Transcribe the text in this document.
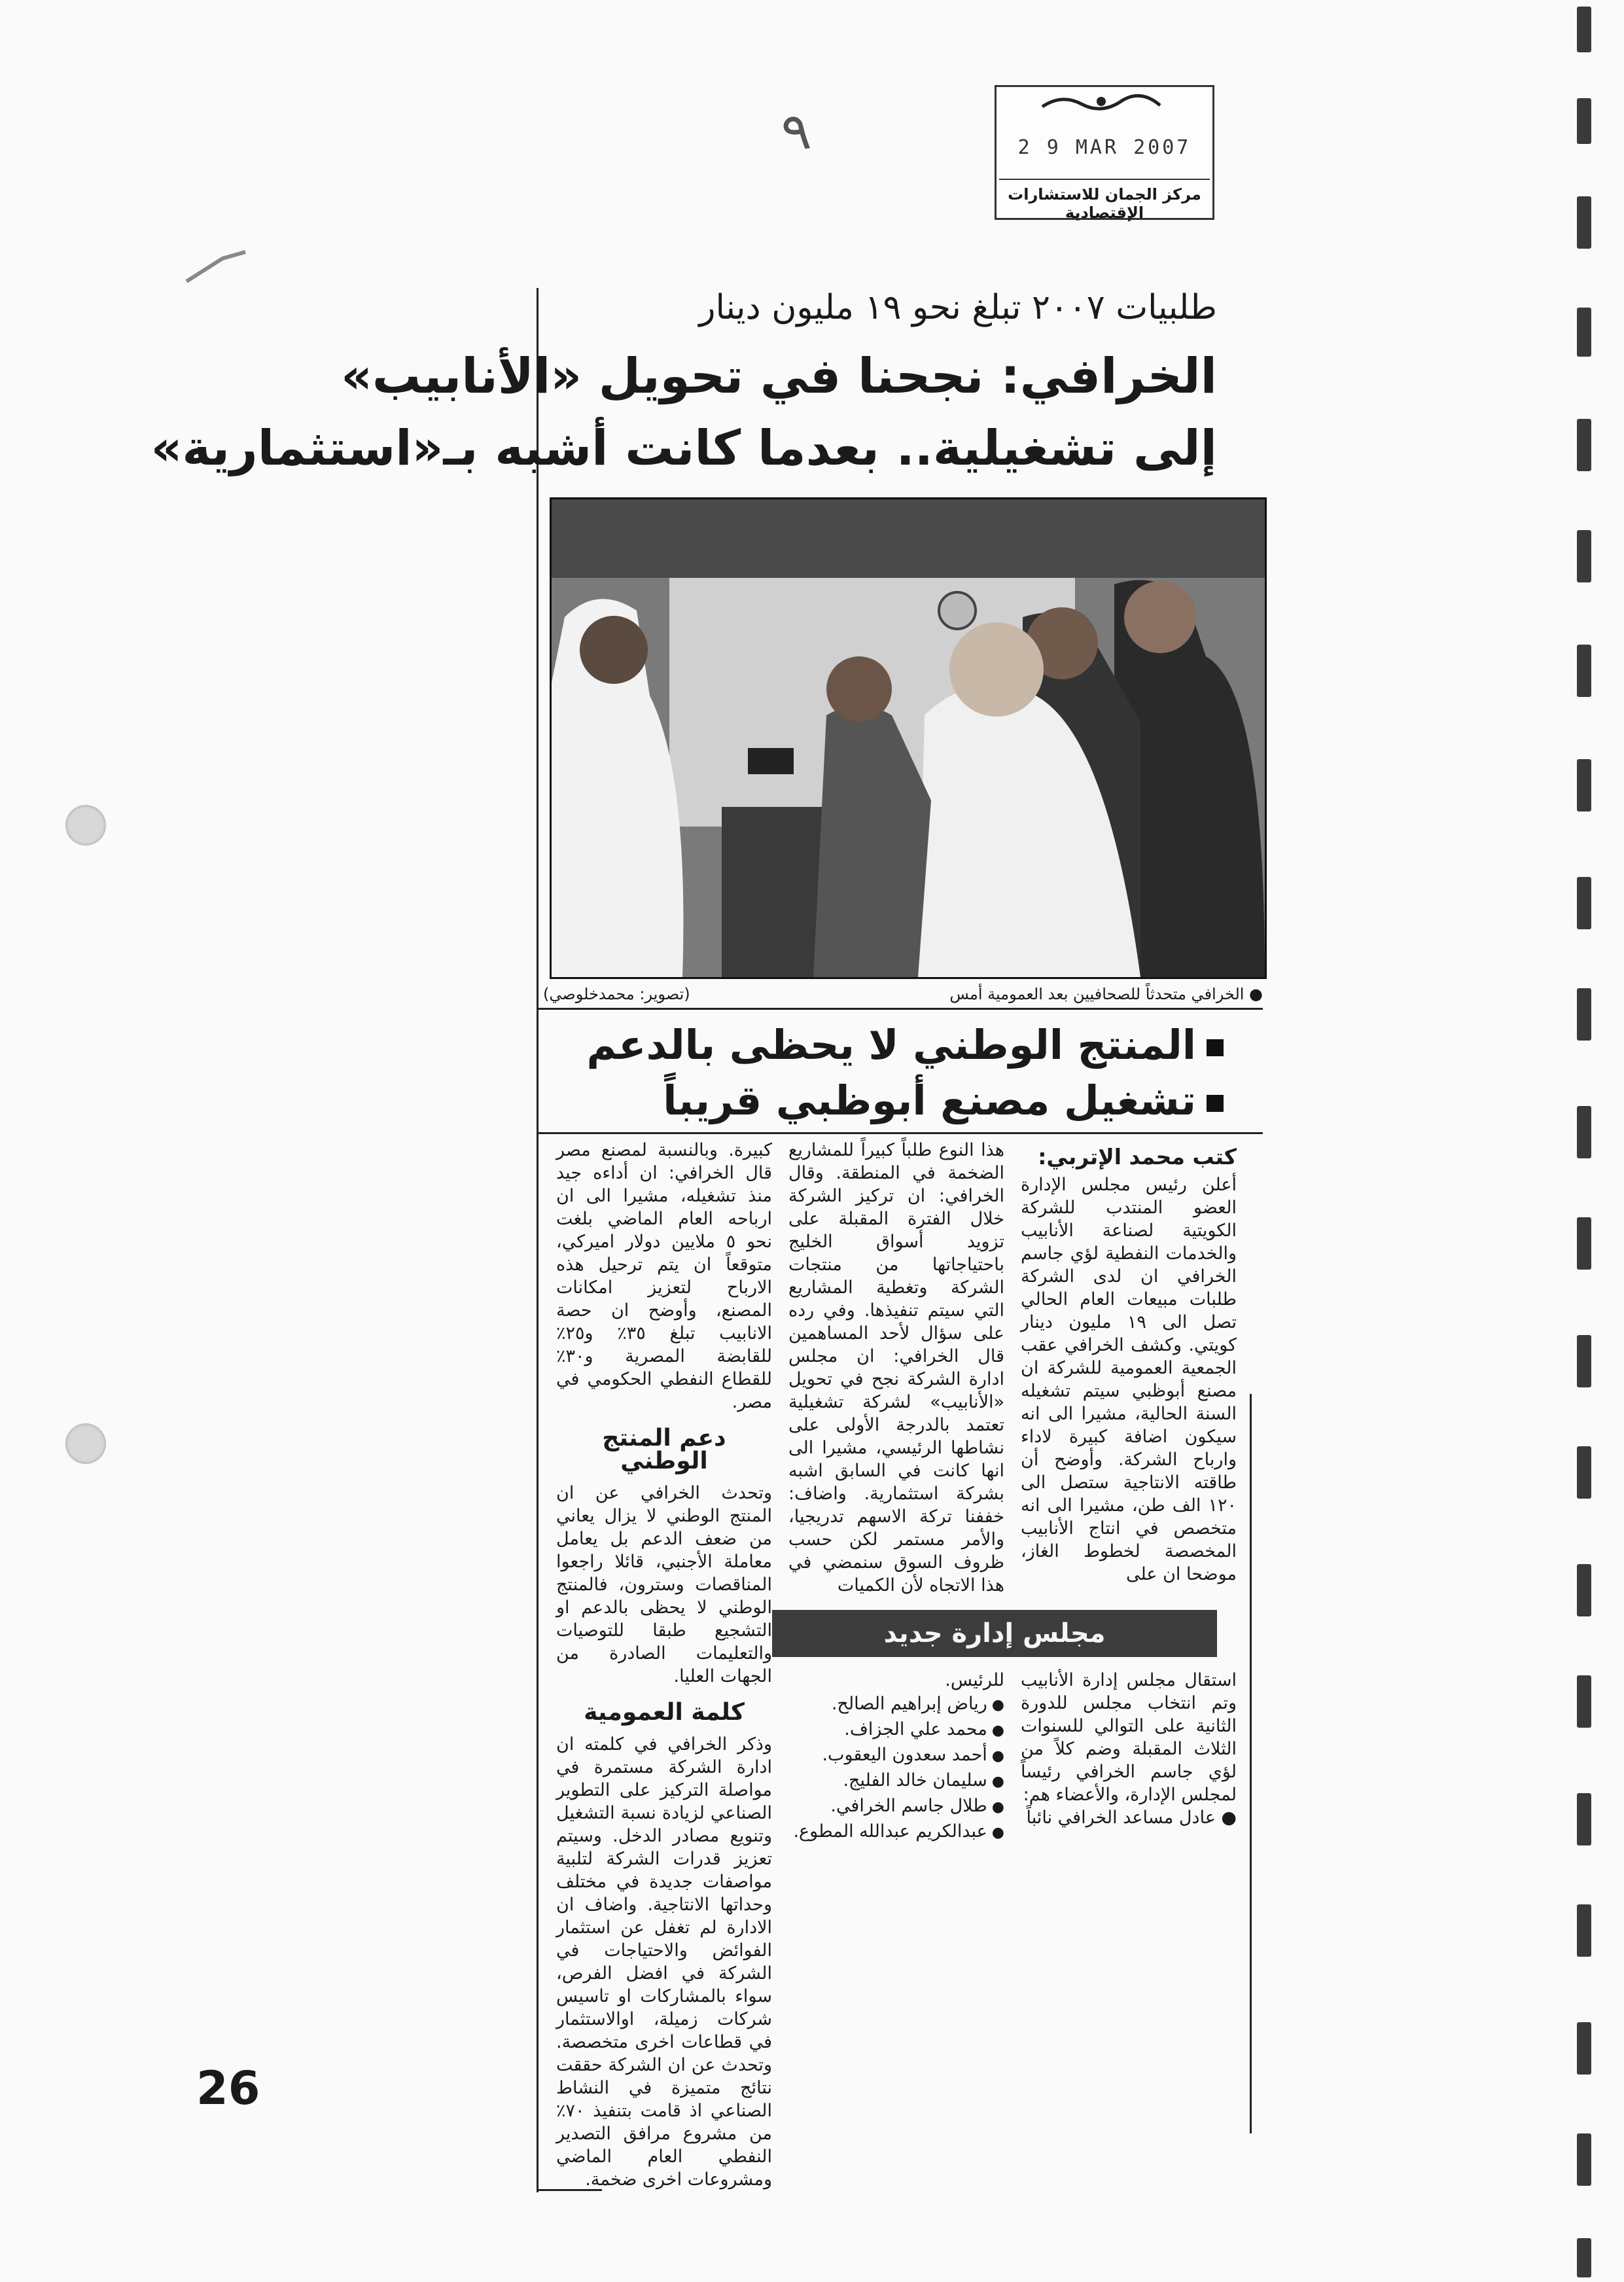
2 9 MAR 2007
مركز الجمان للاستشارات الإقتصادية
٩
طلبيات ٢٠٠٧ تبلغ نحو ١٩ مليون دينار
الخرافي: نجحنا في تحويل «الأنابيب»
إلى تشغيلية.. بعدما كانت أشبه بـ«استثمارية»
● الخرافي متحدثاً للصحافيين بعد العمومية أمس
(تصوير: محمدخلوصي)
المنتج الوطني لا يحظى بالدعم
تشغيل مصنع أبوظبي قريباً
كتب محمد الإتربي:
أعلن رئيس مجلس الإدارة العضو المنتدب للشركة الكويتية لصناعة الأنابيب والخدمات النفطية لؤي جاسم الخرافي ان لدى الشركة طلبات مبيعات العام الحالي تصل الى ١٩ مليون دينار كويتي. وكشف الخرافي عقب الجمعية العمومية للشركة ان مصنع أبوظبي سيتم تشغيله السنة الحالية، مشيرا الى انه سيكون اضافة كبيرة لاداء وارباح الشركة. وأوضح أن طاقته الانتاجية ستصل الى ١٢٠ الف طن، مشيرا الى انه متخصص في انتاج الأنابيب المخصصة لخطوط الغاز، موضحا ان على
هذا النوع طلباً كبيراً للمشاريع الضخمة في المنطقة. وقال الخرافي: ان تركيز الشركة خلال الفترة المقبلة على تزويد أسواق الخليج باحتياجاتها من منتجات الشركة وتغطية المشاريع التي سيتم تنفيذها. وفي رده على سؤال لأحد المساهمين قال الخرافي: ان مجلس ادارة الشركة نجح في تحويل «الأنابيب» لشركة تشغيلية تعتمد بالدرجة الأولى على نشاطها الرئيسي، مشيرا الى انها كانت في السابق اشبه بشركة استثمارية. واضاف: خففنا تركة الاسهم تدريجيا، والأمر مستمر لكن حسب ظروف السوق سنمضي في هذا الاتجاه لأن الكميات
كبيرة. وبالنسبة لمصنع مصر قال الخرافي: ان أداءه جيد منذ تشغيله، مشيرا الى ان ارباحه العام الماضي بلغت نحو ٥ ملايين دولار اميركي، متوقعاً ان يتم ترحيل هذه الارباح لتعزيز امكانات المصنع، وأوضح ان حصة الانابيب تبلغ ٣٥٪ و٢٥٪ للقابضة المصرية و٣٠٪ للقطاع النفطي الحكومي في مصر.
دعم المنتج الوطني
وتحدث الخرافي عن ان المنتج الوطني لا يزال يعاني من ضعف الدعم بل يعامل معاملة الأجنبي، قائلا راجعوا المناقصات وسترون، فالمنتج الوطني لا يحظى بالدعم او التشجيع طبقا للتوصيات والتعليمات الصادرة من الجهات العليا.
كلمة العمومية
وذكر الخرافي في كلمته ان ادارة الشركة مستمرة في مواصلة التركيز على التطوير الصناعي لزيادة نسبة التشغيل وتنويع مصادر الدخل. وسيتم تعزيز قدرات الشركة لتلبية مواصفات جديدة في مختلف وحداتها الانتاجية. واضاف ان الادارة لم تغفل عن استثمار الفوائض والاحتياجات في الشركة في افضل الفرص، سواء بالمشاركات او تاسيس شركات زميلة، اوالاستثمار في قطاعات اخرى متخصصة. وتحدث عن ان الشركة حققت نتائج متميزة في النشاط الصناعي اذ قامت بتنفيذ ٧٠٪ من مشروع مرافق التصدير النفطي العام الماضي ومشروعات اخرى ضخمة.
مجلس إدارة جديد
استقال مجلس إدارة الأنابيب وتم انتخاب مجلس للدورة الثانية على التوالي للسنوات الثلاث المقبلة وضم كلاً من لؤي جاسم الخرافي رئيساً لمجلس الإدارة، والأعضاء هم:
● عادل مساعد الخرافي نائباً
للرئيس.
● رياض إبراهيم الصالح.
● محمد علي الجزاف.
● أحمد سعدون اليعقوب.
● سليمان خالد الفليج.
● طلال جاسم الخرافي.
● عبدالكريم عبدالله المطوع.
26
